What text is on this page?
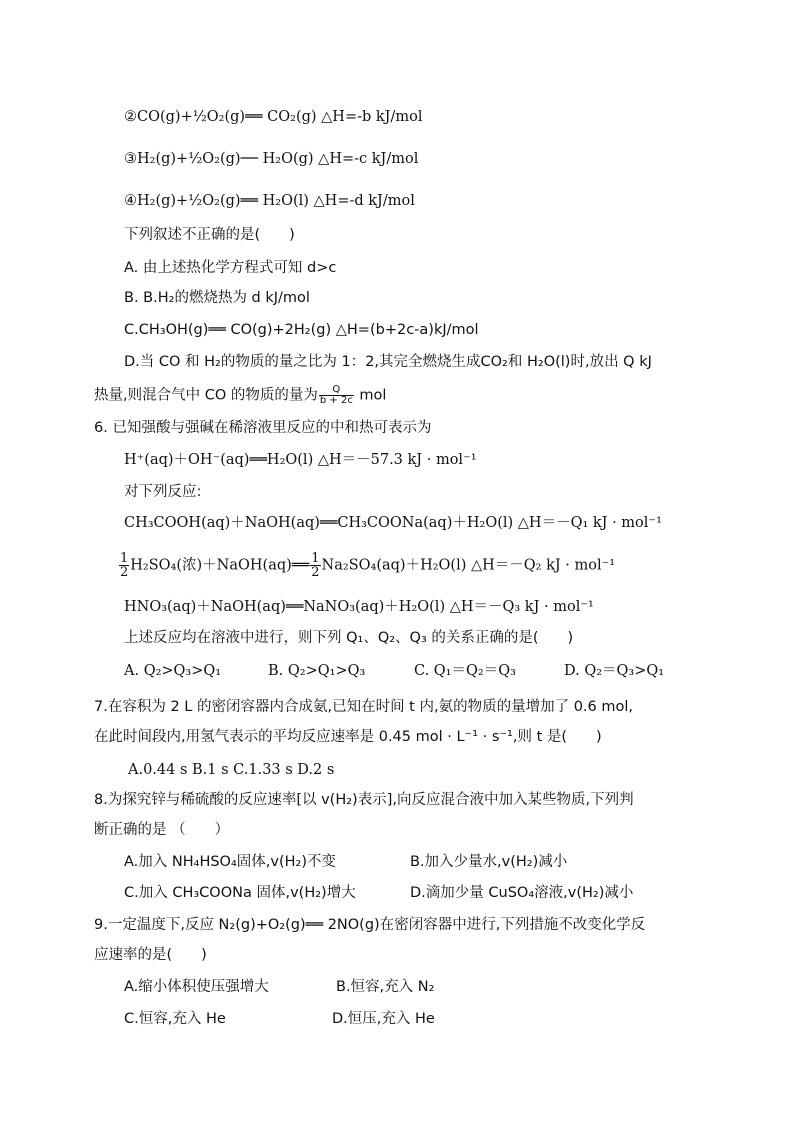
②CO(g)+½O₂(g)══ CO₂(g) △H=-b kJ/mol
③H₂(g)+½O₂(g)── H₂O(g) △H=-c kJ/mol
④H₂(g)+½O₂(g)══ H₂O(l) △H=-d kJ/mol
下列叙述不正确的是(　　)
A. 由上述热化学方程式可知 d>c
B. B.H₂的燃烧热为 d kJ/mol
C.CH₃OH(g)══ CO(g)+2H₂(g) △H=(b+2c-a)kJ/mol
D.当 CO 和 H₂的物质的量之比为 1：2,其完全燃烧生成CO₂和 H₂O(l)时,放出 Q kJ
热量,则混合气中 CO 的物质的量为 $\frac{Q}{b + 2c}$ mol
6. 已知强酸与强碱在稀溶液里反应的中和热可表示为
H⁺(aq)＋OH⁻(aq)══H₂O(l) △H＝－57.3 kJ · mol⁻¹
对下列反应:
CH₃COOH(aq)＋NaOH(aq)══CH₃COONa(aq)＋H₂O(l) △H＝－Q₁ kJ · mol⁻¹
$\frac{1}{2} H_2SO_4$(浓)＋NaOH(aq)══ $\frac{1}{2} Na_2SO_4(aq)+H_2O(l)$ △H＝－Q₂ kJ · mol⁻¹
HNO₃(aq)＋NaOH(aq)══NaNO₃(aq)＋H₂O(l) △H＝－Q₃ kJ · mol⁻¹
上述反应均在溶液中进行，则下列 Q₁、Q₂、Q₃ 的关系正确的是(　　)
A. Q₂>Q₃>Q₁	B. Q₂>Q₁>Q₃	C. Q₁＝Q₂＝Q₃	D. Q₂＝Q₃>Q₁
7.在容积为 2 L 的密闭容器内合成氨,已知在时间 t 内,氨的物质的量增加了 0.6 mol,
在此时间段内,用氢气表示的平均反应速率是 0.45 mol · L⁻¹ · s⁻¹,则 t 是(　　)
A.0.44 s B.1 s C.1.33 s D.2 s
8.为探究锌与稀硫酸的反应速率[以 v(H₂)表示],向反应混合液中加入某些物质,下列判
断正确的是 （　　）
A.加入 NH₄HSO₄固体,v(H₂)不变	B.加入少量水,v(H₂)减小
C.加入 CH₃COONa 固体,v(H₂)增大	D.滴加少量 CuSO₄溶液,v(H₂)减小
9.一定温度下,反应 N₂(g)+O₂(g)══ 2NO(g)在密闭容器中进行,下列措施不改变化学反
应速率的是(　　)
A.缩小体积使压强增大	B.恒容,充入 N₂
C.恒容,充入 He	D.恒压,充入 He
